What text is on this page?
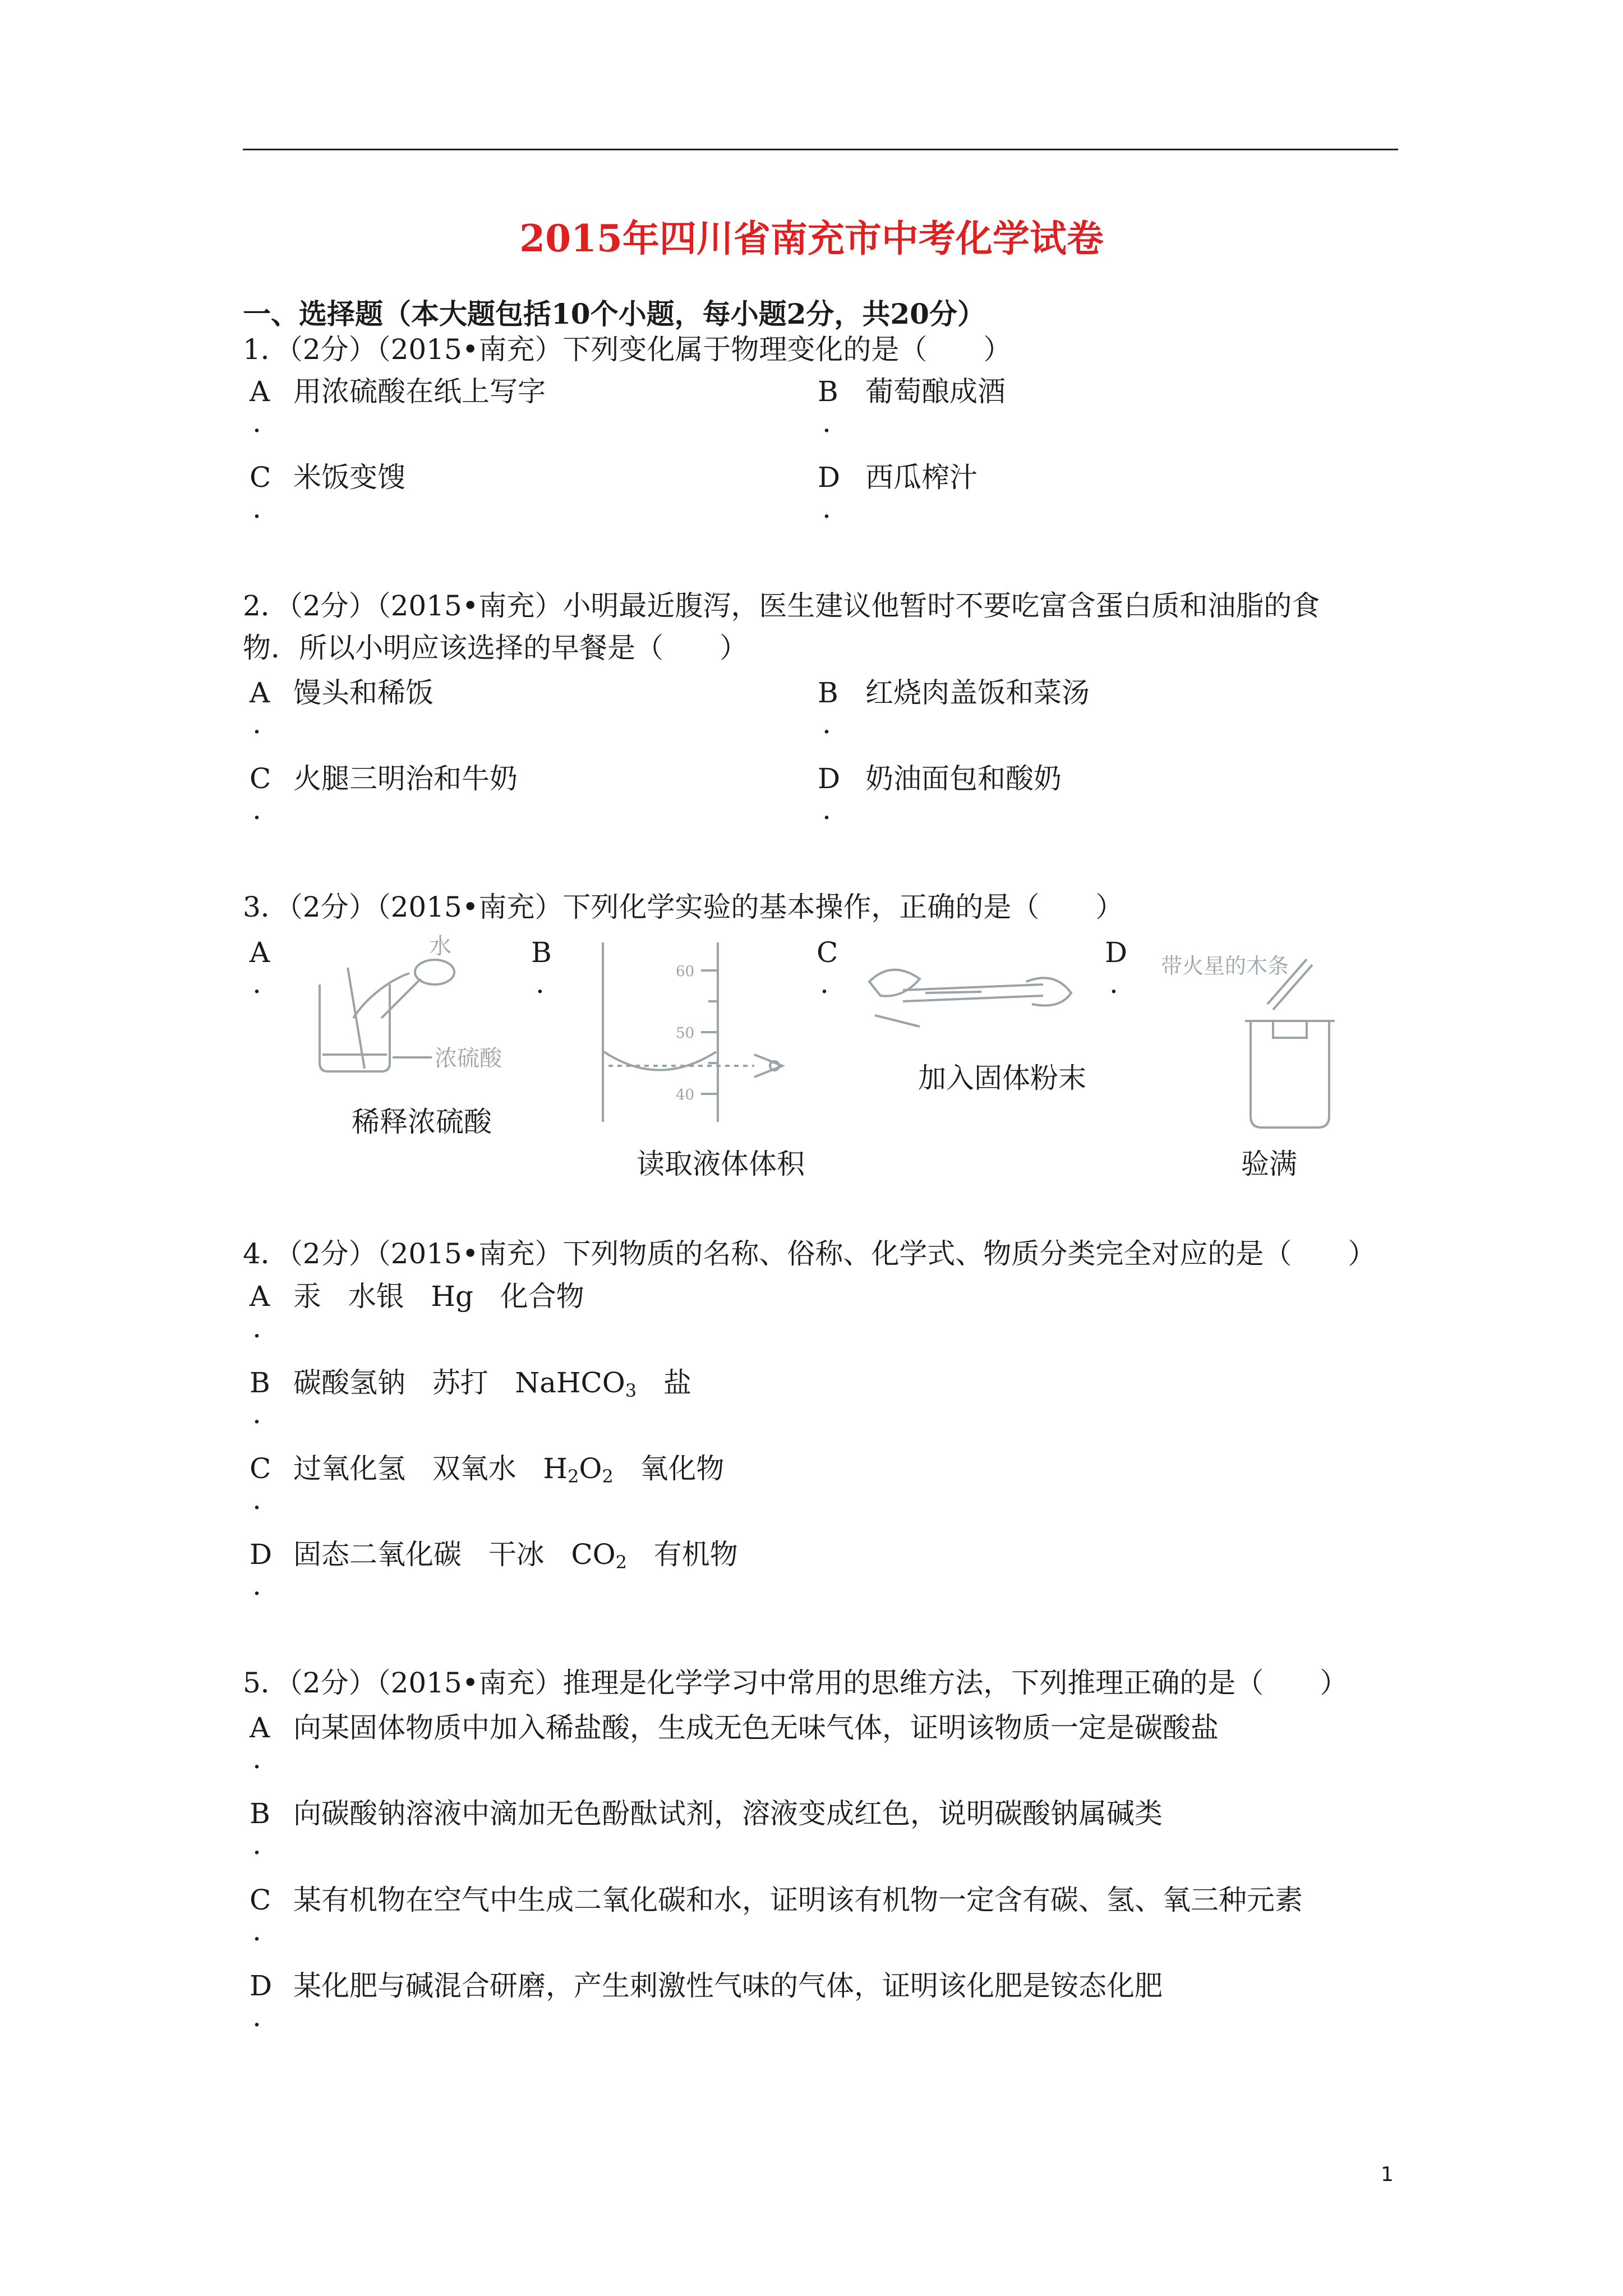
2015年四川省南充市中考化学试卷
一、选择题（本大题包括10个小题，每小题2分，共20分）
1．（2分）（2015•南充）下列变化属于物理变化的是（　　）
A 用浓硫酸在纸上写字
.
B 葡萄酿成酒
.
C 米饭变馊
.
D 西瓜榨汁
.
2．（2分）（2015•南充）小明最近腹泻，医生建议他暂时不要吃富含蛋白质和油脂的食
物．所以小明应该选择的早餐是（　　）
A 馒头和稀饭
.
B 红烧肉盖饭和菜汤
.
C 火腿三明治和牛奶
.
D 奶油面包和酸奶
.
3．（2分）（2015•南充）下列化学实验的基本操作，正确的是（　　）
A
.
B
.
C
.
D
.
水
浓硫酸
稀释浓硫酸
60
50
40
读取液体体积
加入固体粉末
带火星的木条
验满
4．（2分）（2015•南充）下列物质的名称、俗称、化学式、物质分类完全对应的是（　　）
A 汞 水银 Hg 化合物
.
B 碳酸氢钠 苏打 NaHCO$_3$ 盐
.
C 过氧化氢 双氧水 $H_2O_2$ 氧化物
.
D 固态二氧化碳 干冰 $CO_2$ 有机物
.
5．（2分）（2015•南充）推理是化学学习中常用的思维方法，下列推理正确的是（　　）
A 向某固体物质中加入稀盐酸，生成无色无味气体，证明该物质一定是碳酸盐
.
B 向碳酸钠溶液中滴加无色酚酞试剂，溶液变成红色，说明碳酸钠属碱类
.
C 某有机物在空气中生成二氧化碳和水，证明该有机物一定含有碳、氢、氧三种元素
.
D 某化肥与碱混合研磨，产生刺激性气味的气体，证明该化肥是铵态化肥
.
1
